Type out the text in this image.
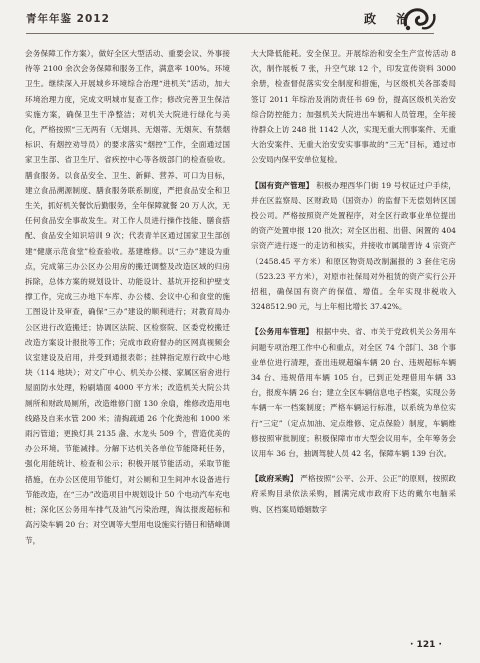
青年年鉴 2012	政 治

会务保障工作方案），做好全区大型活动、重要会议、外事接待等 2100 余次会务保障和服务工作，满意率 100%。环境卫生。继续深入开展城乡环境综合治理“进机关”活动，加大环境治理力度，完成文明城市复查工作；修改完善卫生保洁实施方案，确保卫生干净整洁；对机关大院进行绿化与美化，严格按照“三无两有（无烟具、无烟蒂、无烟灰、有禁烟标识、有烟控劝导员）的要求落实“烟控”工作，全面通过国家卫生部、省卫生厅、省疾控中心等各级部门的检查验收。膳食服务。以食品安全、卫生、新鲜、营养、可口为目标，建立食品溯源制度、膳食服务联系制度，严把食品安全和卫生关，抓好机关餐饮后勤服务，全年保障就餐 20 万人次，无任何食品安全事故发生。对工作人员进行操作技能、膳食搭配、食品安全知识培训 9 次；代表青羊区通过国家卫生部创建“健康示范食堂”检查验收。基建维修。以“三办”建设为重点，完成第三办公区办公用房的搬迁调整及改造区域的归房拆除，总体方案的规划设计、功能设计、基坑开挖和护壁支撑工作，完成三办地下车库、办公楼、会议中心和食堂的施工图设计及审查，确保“三办”建设的顺利进行；对教育局办公区进行改造搬迁；协调区法院、区检察院、区委党校搬迁改造方案设计报批等工作；完成市政府督办的区网真视频会议室建设及启用，并受到通报表彰；挂牌指定原行政中心地块（114 地块）；对文广中心、机关办公楼、家属区宿舍进行屋面防水处理，粉刷墙面 4000 平方米；改造机关大院公共厕所和财政局厕所，改造维修门窗 130 余扇，维修改造用电线路及自来水管 200 米；清掏疏通 26 个化粪池和 1000 米雨污管道；更换灯具 2135 盏、水龙头 509 个，营造优美的办公环境。节能减排。分解下达机关各单位节能降耗任务，强化用能统计、检查和公示；积极开展节能活动，采取节能措施，在办公区使用节能灯，对公厕和卫生间冲水设备进行节能改造，在“三办”改造项目中规划设计 50 个电动汽车充电桩；深化区公务用车排气及油气污染治理，淘汰报废超标和高污染车辆 20 台；对空调等大型用电设施实行错日和错峰调节，

大大降低能耗。安全保卫。开展综治和安全生产宣传活动 8 次，制作展板 7 张，升空气球 12 个，印发宣传资料 3000 余册，检查督促落实安全制度和措施，与区级机关各部委局签订 2011 年综治及消防责任书 69 份，提高区级机关治安综合防控能力；加强机关大院进出车辆和人员管理，全年接待群众上访 248 批 1142 人次，实现无重大刑事案件、无重大治安案件、无重大治安安实事事故的“三无”目标，通过市公安局内保平安单位复检。

【国有资产管理】 积极办理西华门街 19 号权证过户手续，并在区监察局、区财政局（国资办）的监督下无偿划转区国投公司。严格按照资产处置程序，对全区行政事业单位提出的资产处置申报 120 批次；对全区出租、出借、闲置的 404 宗资产进行逐一的走访和核实，并接收市属瑞晋诗 4 宗资产（2458.45 平方米）和原区物资局改制漏报的 3 套住宅房（523.23 平方米），对原市社保局对外租赁的资产实行公开招租，确保国有资产的保值、增值。全年实现非税收入 3248512.90 元，与上年相比增长 37.42%。

【公务用车管理】 根据中央、省、市关于党政机关公务用车问题专项治理工作中心和重点，对全区 74 个部门、38 个事业单位进行清理，查出违规超编车辆 20 台、违规超标车辆 34 台、违规借用车辆 105 台，已到正处理借用车辆 33 台，报废车辆 26 台；建立全区车辆信息电子档案，实现公务车辆一车一档案制度；严格车辆运行标准，以系统为单位实行“三定”（定点加油、定点维修、定点保险）制度，车辆维修按照审批制度；积极保障市市大型会议用车，全年筹务会议用车 36 台，抽调驾驶人员 42 名，保障车辆 139 台次。

【政府采购】 严格按照“公平、公开、公正”的原则，按照政府采购目录依法采购，圆满完成市政府下达的戴尔电脑采购、区档案局婚姻数字

· 121 ·
